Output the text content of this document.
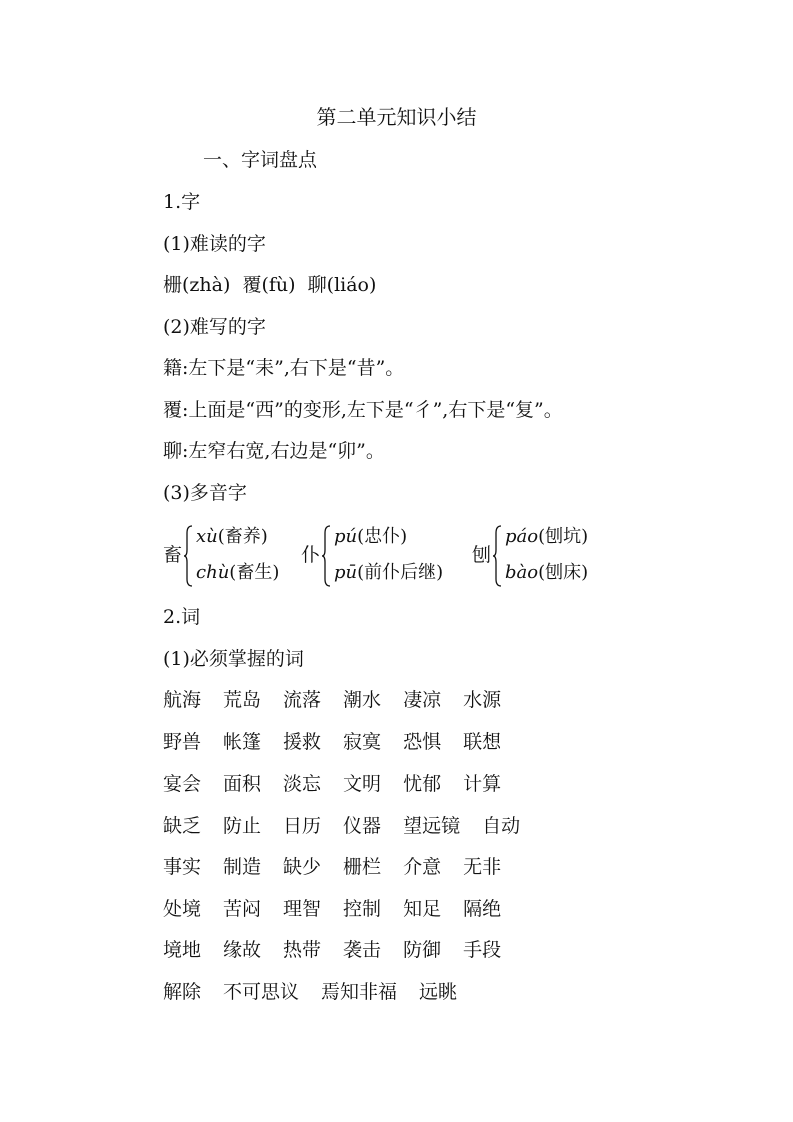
第二单元知识小结
一、字词盘点
1.字
(1)难读的字
栅(zhà)  覆(fù)  聊(liáo)
(2)难写的字
籍:左下是“耒”,右下是“昔”。
覆:上面是“西”的变形,左下是“彳”,右下是“复”。
聊:左窄右宽,右边是“卯”。
(3)多音字
畜
xù(畜养)
chù(畜生)
仆
pú(忠仆)
pū(前仆后继)
刨
páo(刨坑)
bào(刨床)
2.词
(1)必须掌握的词
航海 荒岛 流落 潮水 凄凉 水源
野兽 帐篷 援救 寂寞 恐惧 联想
宴会 面积 淡忘 文明 忧郁 计算
缺乏 防止 日历 仪器 望远镜 自动
事实 制造 缺少 栅栏 介意 无非
处境 苦闷 理智 控制 知足 隔绝
境地 缘故 热带 袭击 防御 手段
解除 不可思议 焉知非福 远眺
